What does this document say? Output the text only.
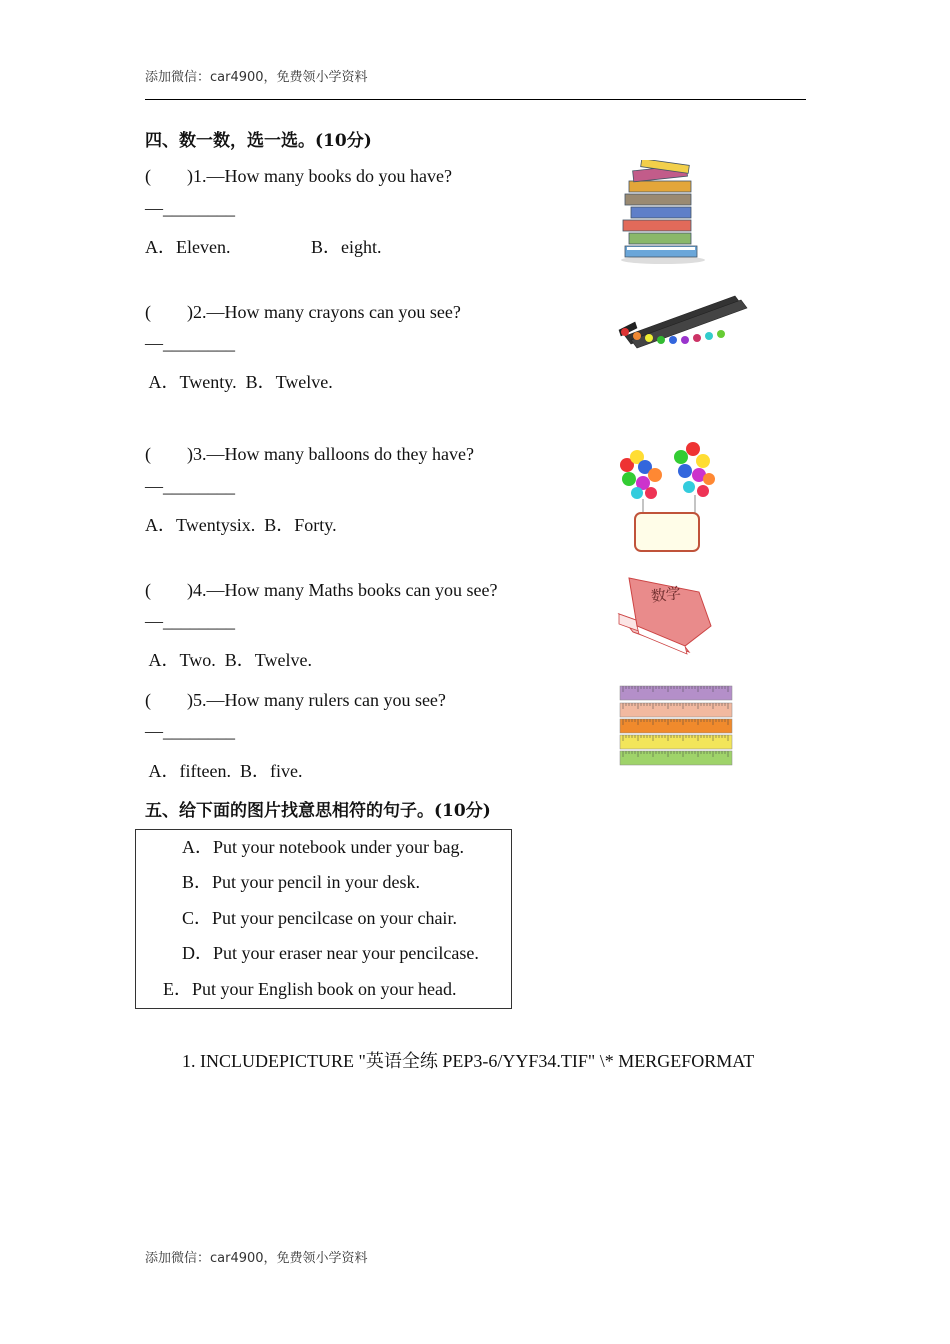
添加微信：car4900，免费领小学资料
四、数一数，选一选。(10分)
(　　)1.—How many books do you have?
—________
A．Eleven.	B．eight.
(　　)2.—How many crayons can you see?
—________
A．Twenty.  B．Twelve.
(　　)3.—How many balloons do they have?
—________
A．Twentysix.  B．Forty.
(　　)4.—How many Maths books can you see?
—________
A．Two.  B．Twelve.
(　　)5.—How many rulers can you see?
—________
A．fifteen.  B．five.
数学
五、给下面的图片找意思相符的句子。(10分)
A．Put your notebook under your bag.
B．Put your pencil in your desk.
C．Put your pencilcase on your chair.
D．Put your eraser near your pencilcase.
E．Put your English book on your head.
1. INCLUDEPICTURE "英语全练 PEP3-6/YYF34.TIF" \* MERGEFORMAT
添加微信：car4900，免费领小学资料
